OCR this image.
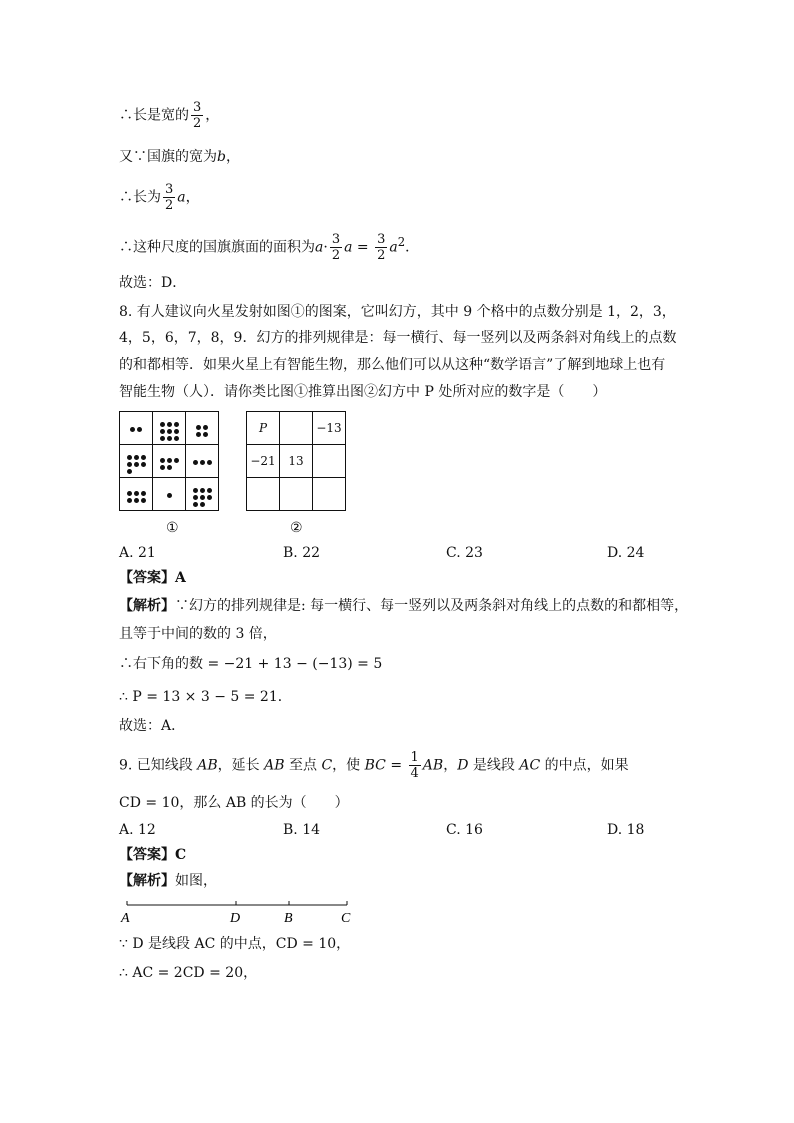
∴长是宽的 $\frac{3}{2}$ ，
又∵国旗的宽为b，
∴长为 $\frac{3}{2}$ a，
∴这种尺度的国旗旗面的面积为$a\cdot \frac{3}{2}$ $a = \frac{3}{2} a^2$．
故选：D．
8. 有人建议向火星发射如图①的图案，它叫幻方，其中 9 个格中的点数分别是 1，2，3，
4，5，6，7，8，9．幻方的排列规律是：每一横行、每一竖列以及两条斜对角线上的点数
的和都相等．如果火星上有智能生物，那么他们可以从这种“数学语言”了解到地球上也有
智能生物（人）．请你类比图①推算出图②幻方中 P 处所对应的数字是（　　）

P		−13
−21	13	

①	②
A. 21	B. 22	C. 23	D. 24
【答案】A
【解析】∵幻方的排列规律是: 每一横行、每一竖列以及两条斜对角线上的点数的和都相等，
且等于中间的数的 3 倍，
∴右下角的数 = −21 + 13 − (−13) = 5
∴ P = 13 × 3 − 5 = 21．
故选：A．
9. 已知线段 AB，延长 AB 至点 C，使 BC = $\frac{1}{4}$ AB，D 是线段 AC 的中点，如果
CD = 10，那么 AB 的长为（　　）
A. 12	B. 14	C. 16	D. 18
【答案】C
【解析】如图，
A	D	B	C
∵ D 是线段 AC 的中点，CD = 10，
∴ AC = 2CD = 20，
